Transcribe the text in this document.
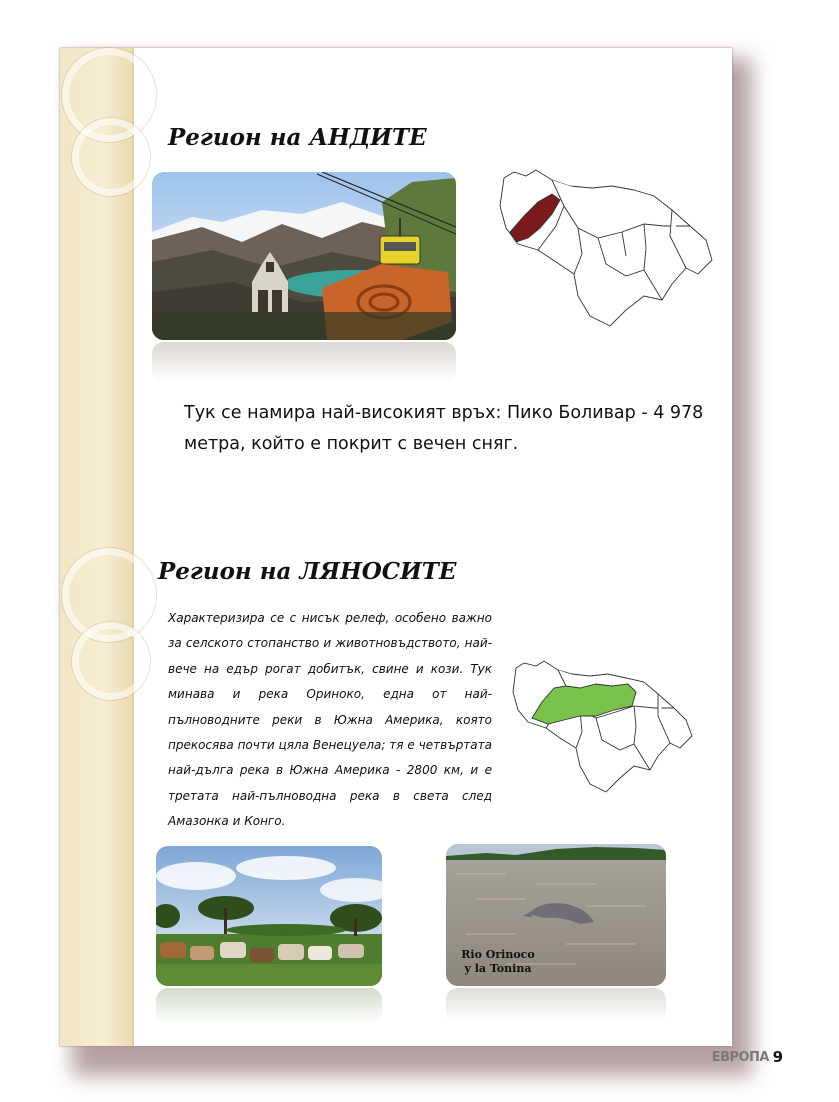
Регион на АНДИТЕ
Тук се намира най-високият връх: Пико Боливар - 4 978 метра, който е покрит с вечен сняг.
Регион на ЛЯНОСИТЕ
Характеризира се с нисък релеф, особено важно за селското стопанство и животновъдството, най-вече на едър рогат добитък, свине и кози. Тук минава и река Ориноко, една от най-пълноводните реки в Южна Америка, която прекосява почти цяла Венецуела; тя е четвъртата най-дълга река в Южна Америка - 2800 км, и е третата най-пълноводна река в света след Амазонка и Конго.
Rio Orinoco
y la Tonina
ЕВРОПА 9
